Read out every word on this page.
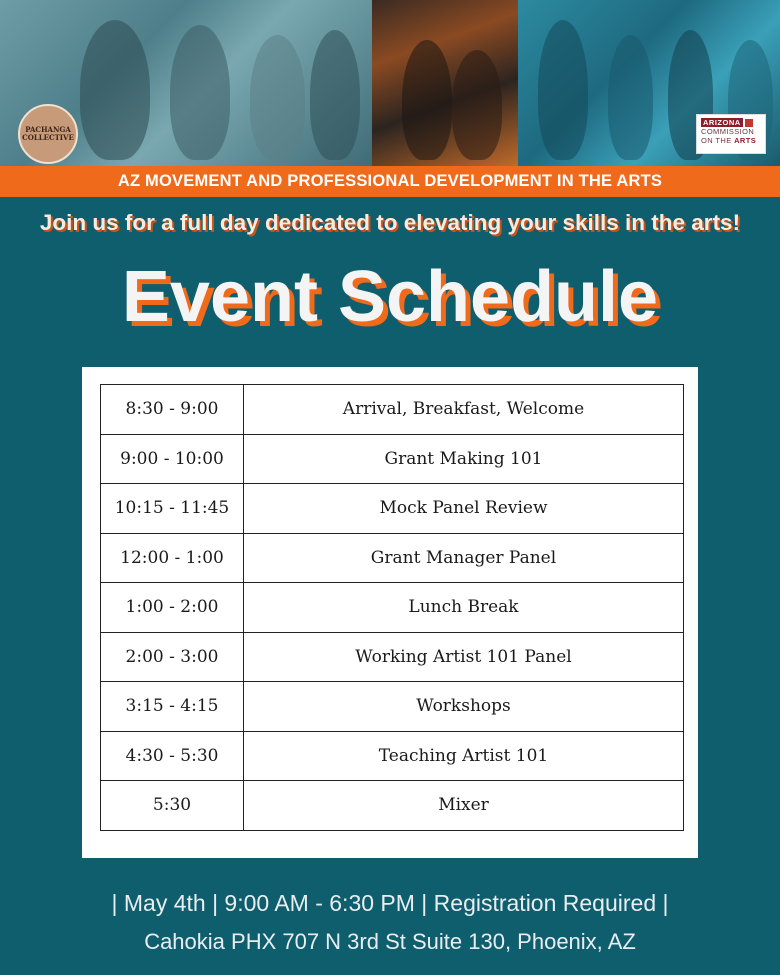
PACHANGA COLLECTIVE
ARIZONA
COMMISSION
ON THE ARTS
AZ MOVEMENT AND PROFESSIONAL DEVELOPMENT IN THE ARTS
Join us for a full day dedicated to elevating your skills in the arts!
Event Schedule
8:30 - 9:00	Arrival, Breakfast, Welcome
9:00 - 10:00	Grant Making 101
10:15 - 11:45	Mock Panel Review
12:00 - 1:00	Grant Manager Panel
1:00 - 2:00	Lunch Break
2:00 - 3:00	Working Artist 101 Panel
3:15 - 4:15	Workshops
4:30 - 5:30	Teaching Artist 101
5:30	Mixer
| May 4th | 9:00 AM - 6:30 PM | Registration Required |
Cahokia PHX 707 N 3rd St Suite 130, Phoenix, AZ
